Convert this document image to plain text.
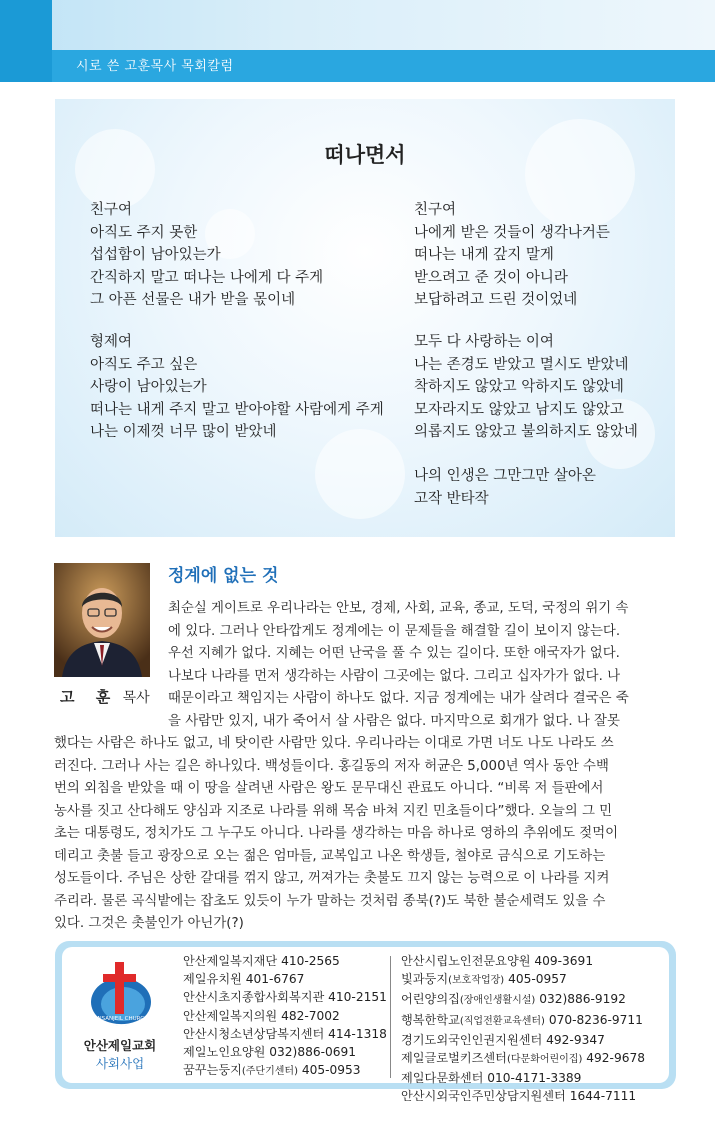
시로 쓴 고훈목사 목회칼럼
떠나면서
친구여
아직도 주지 못한
섭섭함이 남아있는가
간직하지 말고 떠나는 나에게 다 주게
그 아픈 선물은 내가 받을 몫이네
형제여
아직도 주고 싶은
사랑이 남아있는가
떠나는 내게 주지 말고 받아야할 사람에게 주게
나는 이제껏 너무 많이 받았네
친구여
나에게 받은 것들이 생각나거든
떠나는 내게 갚지 말게
받으려고 준 것이 아니라
보답하려고 드린 것이었네
모두 다 사랑하는 이여
나는 존경도 받았고 멸시도 받았네
착하지도 않았고 악하지도 않았네
모자라지도 않았고 남지도 않았고
의롭지도 않았고 불의하지도 않았네
나의 인생은 그만그만 살아온
고작 반타작
고 훈 목사
정계에 없는 것
최순실 게이트로 우리나라는 안보, 경제, 사회, 교육, 종교, 도덕, 국정의 위기 속
에 있다. 그러나 안타깝게도 정계에는 이 문제들을 해결할 길이 보이지 않는다.
우선 지혜가 없다. 지혜는 어떤 난국을 풀 수 있는 길이다. 또한 애국자가 없다.
나보다 나라를 먼저 생각하는 사람이 그곳에는 없다. 그리고 십자가가 없다. 나
때문이라고 책임지는 사람이 하나도 없다. 지금 정계에는 내가 살려다 결국은 죽
을 사람만 있지, 내가 죽어서 살 사람은 없다. 마지막으로 회개가 없다. 나 잘못
했다는 사람은 하나도 없고, 네 탓이란 사람만 있다. 우리나라는 이대로 가면 너도 나도 나라도 쓰
러진다. 그러나 사는 길은 하나있다. 백성들이다. 홍길동의 저자 허균은 5,000년 역사 동안 수백
번의 외침을 받았을 때 이 땅을 살려낸 사람은 왕도 문무대신 관료도 아니다. “비록 저 들판에서
농사를 짓고 산다해도 양심과 지조로 나라를 위해 목숨 바쳐 지킨 민초들이다”했다. 오늘의 그 민
초는 대통령도, 정치가도 그 누구도 아니다. 나라를 생각하는 마음 하나로 영하의 추위에도 젖먹이
데리고 촛불 들고 광장으로 오는 젊은 엄마들, 교복입고 나온 학생들, 철야로 금식으로 기도하는
성도들이다. 주님은 상한 갈대를 꺾지 않고, 꺼져가는 촛불도 끄지 않는 능력으로 이 나라를 지켜
주리라. 물론 곡식밭에는 잡초도 있듯이 누가 말하는 것처럼 종북(?)도 북한 불순세력도 있을 수
있다. 그것은 촛불인가 아닌가(?)
ANSANJEIL CHURCH
안산제일교회
사회사업
안산제일복지재단 410-2565
제일유치원 401-6767
안산시초지종합사회복지관 410-2151
안산제일복지의원 482-7002
안산시청소년상담복지센터 414-1318
제일노인요양원 032)886-0691
꿈꾸는둥지(주단기센터) 405-0953
안산시립노인전문요양원 409-3691
빛과둥지(보호작업장) 405-0957
어린양의집(장애인생활시설) 032)886-9192
행복한학교(직업전환교육센터) 070-8236-9711
경기도외국인인권지원센터 492-9347
제일글로벌키즈센터(다문화어린이집) 492-9678
제일다문화센터 010-4171-3389
안산시외국인주민상담지원센터 1644-7111
